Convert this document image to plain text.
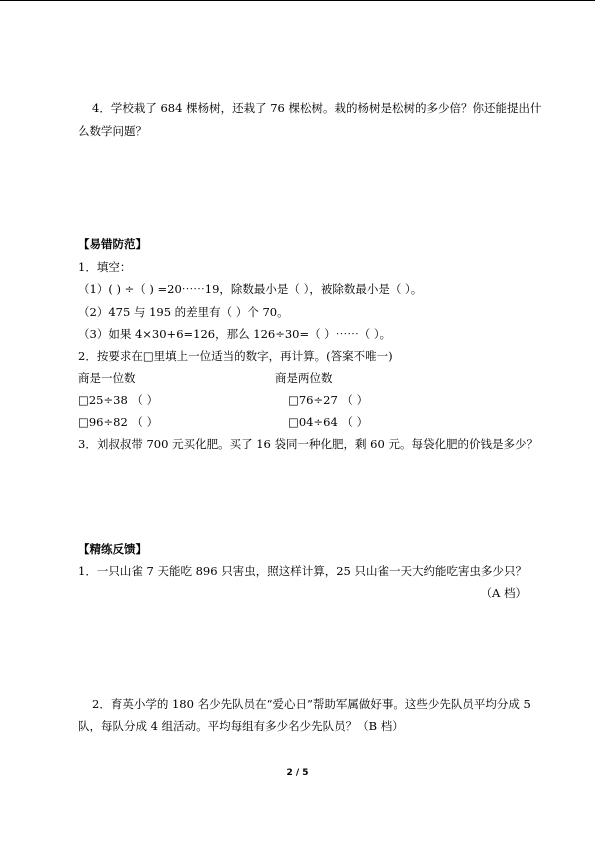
4．学校栽了 684 棵杨树，还栽了 76 棵松树。栽的杨树是松树的多少倍？你还能提出什
么数学问题？
【易错防范】
1．填空：
（1）( ) ÷（ ) =20⋯⋯19，除数最小是（ ），被除数最小是（ ）。
（2）475 与 195 的差里有（ ）个 70。
（3）如果 4×30+6=126，那么 126÷30=（ ）⋯⋯（ ）。
2．按要求在□里填上一位适当的数字，再计算。(答案不唯一)
商是一位数	商是两位数
□25÷38 （ ）	□76÷27 （ ）
□96÷82 （ ）	□04÷64 （ ）
3．刘叔叔带 700 元买化肥。买了 16 袋同一种化肥，剩 60 元。每袋化肥的价钱是多少？
【精练反馈】
1．一只山雀 7 天能吃 896 只害虫，照这样计算，25 只山雀一天大约能吃害虫多少只？
（A 档）
2．育英小学的 180 名少先队员在“爱心日”帮助军属做好事。这些少先队员平均分成 5
队，每队分成 4 组活动。平均每组有多少名少先队员？（B 档）
2 / 5
